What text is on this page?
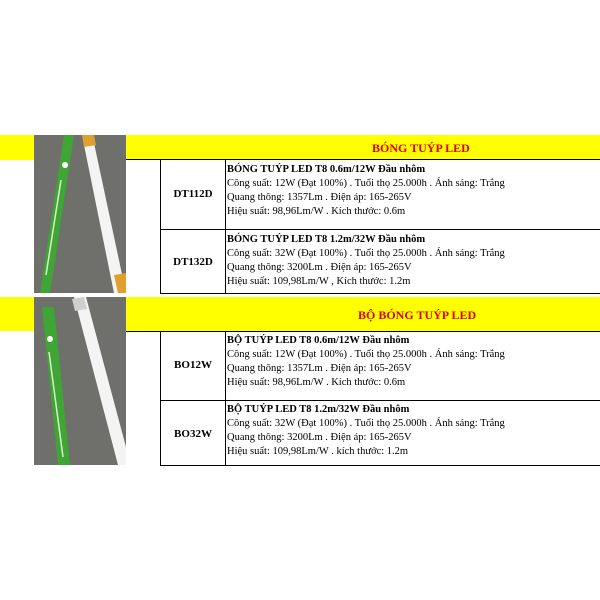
BÓNG TUÝP LED
DT112D
BÓNG TUÝP LED T8 0.6m/12W Đầu nhôm
Công suất: 12W (Đạt 100%) . Tuổi thọ 25.000h . Ánh sáng: Trắng
Quang thông: 1357Lm . Điện áp: 165-265V
Hiệu suất: 98,96Lm/W . Kích thước: 0.6m
DT132D
BÓNG TUÝP LED T8 1.2m/32W Đầu nhôm
Công suất: 32W (Đạt 100%) . Tuổi thọ 25.000h . Ánh sáng: Trắng
Quang thông: 3200Lm . Điện áp: 165-265V
Hiệu suất: 109,98Lm/W , Kích thước: 1.2m
BỘ BÓNG TUÝP LED
BO12W
BỘ TUÝP LED T8 0.6m/12W Đầu nhôm
Công suất: 12W (Đạt 100%) . Tuổi thọ 25.000h . Ánh sáng: Trắng
Quang thông: 1357Lm . Điện áp: 165-265V
Hiệu suất: 98,96Lm/W . Kích thước: 0.6m
BO32W
BỘ TUÝP LED T8 1.2m/32W Đầu nhôm
Công suất: 32W (Đạt 100%) . Tuổi thọ 25.000h . Ánh sáng: Trắng
Quang thông: 3200Lm . Điện áp: 165-265V
Hiệu suất: 109,98Lm/W . kích thước: 1.2m
